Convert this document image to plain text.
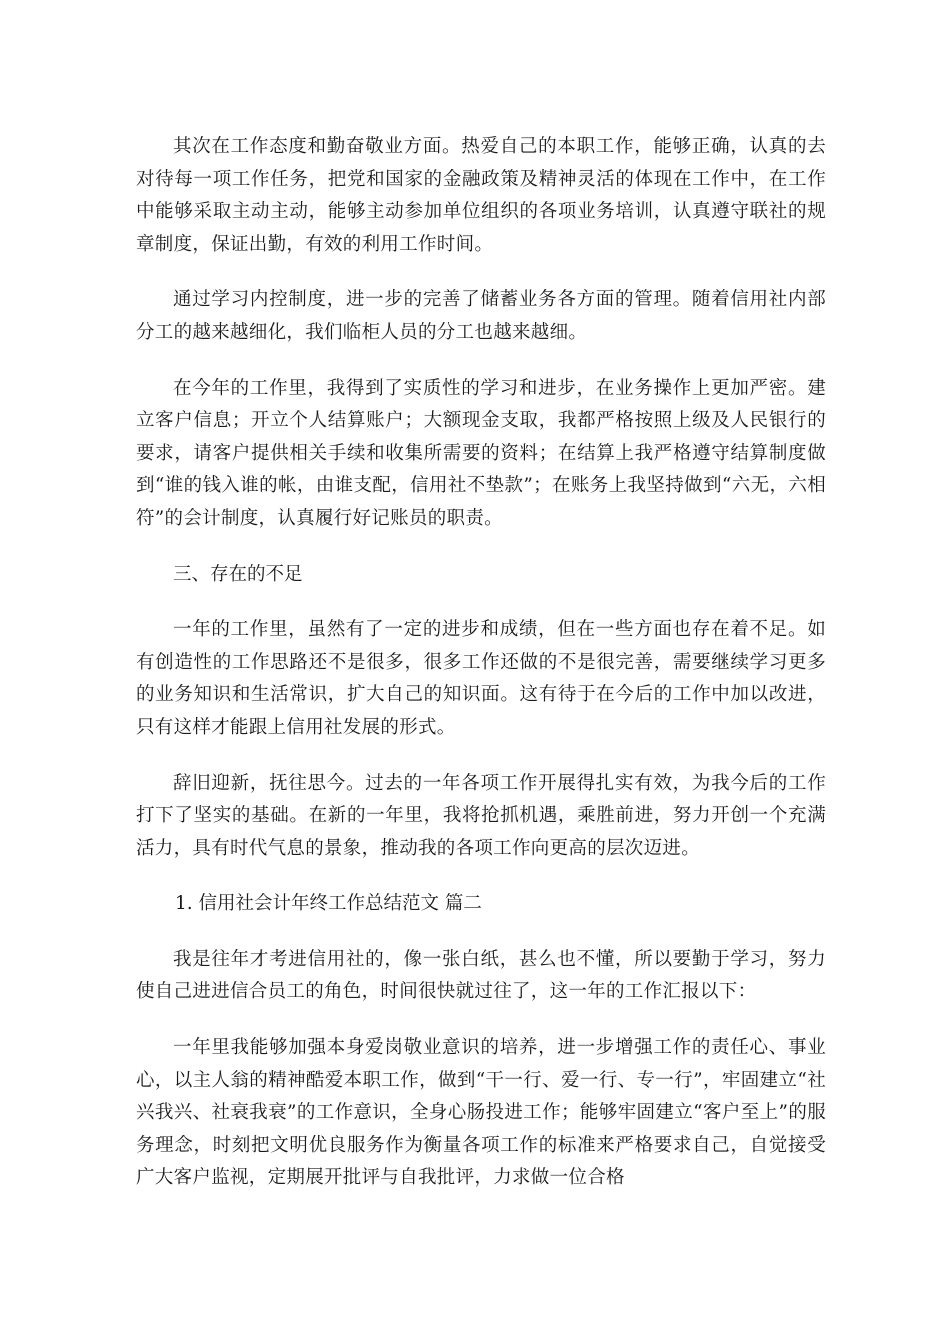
其次在工作态度和勤奋敬业方面。热爱自己的本职工作，能够正确，认真的去对待每一项工作任务，把党和国家的金融政策及精神灵活的体现在工作中，在工作中能够采取主动主动，能够主动参加单位组织的各项业务培训，认真遵守联社的规章制度，保证出勤，有效的利用工作时间。

通过学习内控制度，进一步的完善了储蓄业务各方面的管理。随着信用社内部分工的越来越细化，我们临柜人员的分工也越来越细。

在今年的工作里，我得到了实质性的学习和进步，在业务操作上更加严密。建立客户信息；开立个人结算账户；大额现金支取，我都严格按照上级及人民银行的要求，请客户提供相关手续和收集所需要的资料；在结算上我严格遵守结算制度做到“谁的钱入谁的帐，由谁支配，信用社不垫款”；在账务上我坚持做到“六无，六相符”的会计制度，认真履行好记账员的职责。

三、存在的不足

一年的工作里，虽然有了一定的进步和成绩，但在一些方面也存在着不足。如有创造性的工作思路还不是很多，很多工作还做的不是很完善，需要继续学习更多的业务知识和生活常识，扩大自己的知识面。这有待于在今后的工作中加以改进，只有这样才能跟上信用社发展的形式。

辞旧迎新，抚往思今。过去的一年各项工作开展得扎实有效，为我今后的工作打下了坚实的基础。在新的一年里，我将抢抓机遇，乘胜前进，努力开创一个充满活力，具有时代气息的景象，推动我的各项工作向更高的层次迈进。

1. 信用社会计年终工作总结范文 篇二

我是往年才考进信用社的，像一张白纸，甚么也不懂，所以要勤于学习，努力使自己进进信合员工的角色，时间很快就过往了，这一年的工作汇报以下：

一年里我能够加强本身爱岗敬业意识的培养，进一步增强工作的责任心、事业心，以主人翁的精神酷爱本职工作，做到“干一行、爱一行、专一行”，牢固建立“社兴我兴、社衰我衰”的工作意识，全身心肠投进工作；能够牢固建立“客户至上”的服务理念，时刻把文明优良服务作为衡量各项工作的标准来严格要求自己，自觉接受广大客户监视，定期展开批评与自我批评，力求做一位合格
